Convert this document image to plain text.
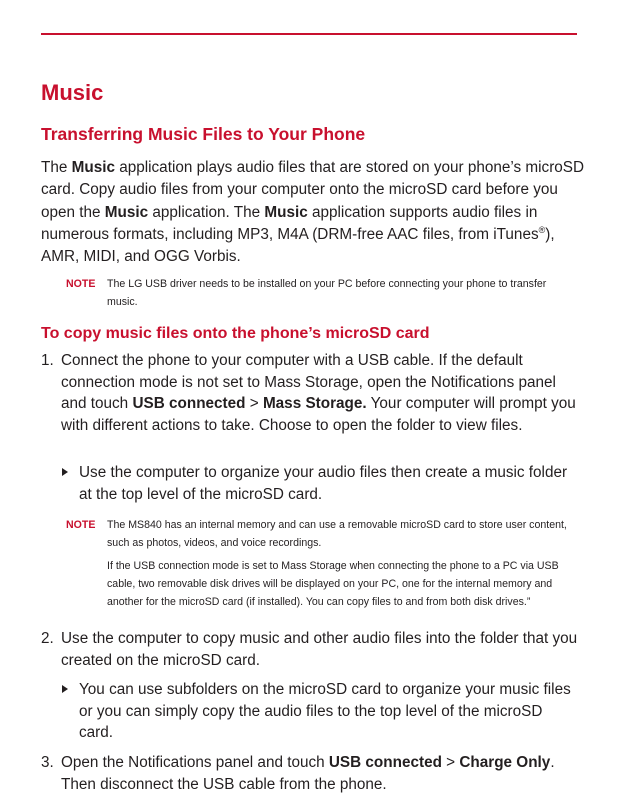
Music
Transferring Music Files to Your Phone

The Music application plays audio files that are stored on your phone’s microSD card. Copy audio files from your computer onto the microSD card before you open the Music application. The Music application supports audio files in numerous formats, including MP3, M4A (DRM-free AAC files, from iTunes®), AMR, MIDI, and OGG Vorbis.

NOTE The LG USB driver needs to be installed on your PC before connecting your phone to transfer music.

To copy music files onto the phone’s microSD card
1. Connect the phone to your computer with a USB cable. If the default connection mode is not set to Mass Storage, open the Notifications panel and touch USB connected > Mass Storage. Your computer will prompt you with different actions to take. Choose to open the folder to view files.
Use the computer to organize your audio files then create a music folder at the top level of the microSD card.
NOTE The MS840 has an internal memory and can use a removable microSD card to store user content, such as photos, videos, and voice recordings.

If the USB connection mode is set to Mass Storage when connecting the phone to a PC via USB cable, two removable disk drives will be displayed on your PC, one for the internal memory and another for the microSD card (if installed). You can copy files to and from both disk drives.”

2. Use the computer to copy music and other audio files into the folder that you created on the microSD card.
You can use subfolders on the microSD card to organize your music files or you can simply copy the audio files to the top level of the microSD card.
3. Open the Notifications panel and touch USB connected > Charge Only. Then disconnect the USB cable from the phone.
